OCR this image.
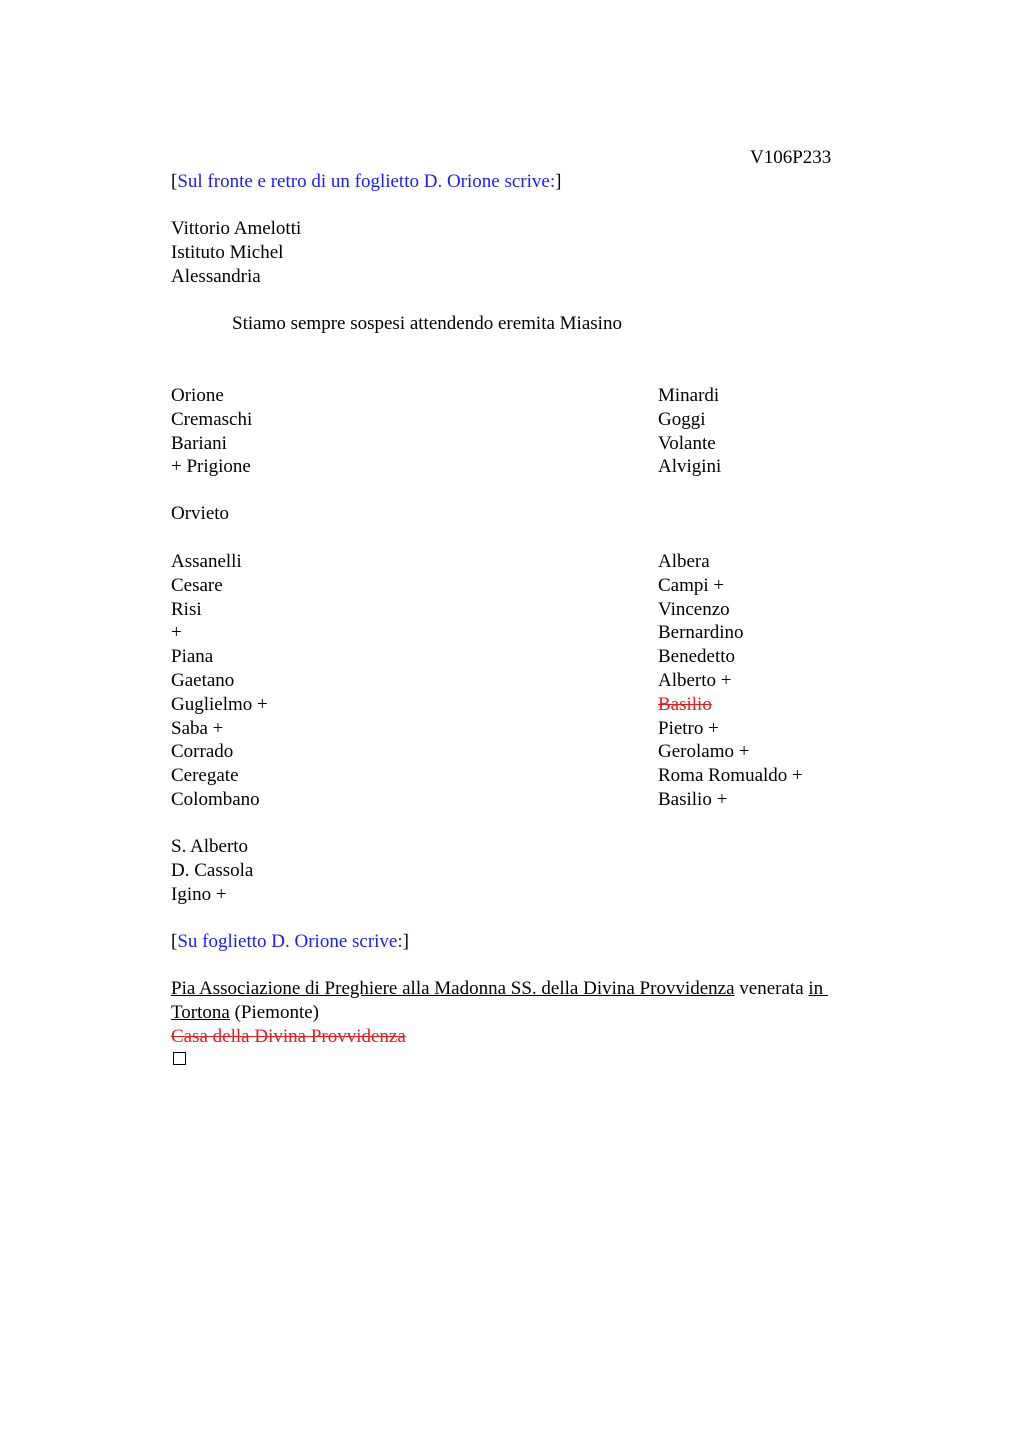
V106P233
[Sul fronte e retro di un foglietto D. Orione scrive:]
Vittorio Amelotti
Istituto Michel
Alessandria
Stiamo sempre sospesi attendendo eremita Miasino
Orione
Cremaschi
Bariani
+ Prigione
Minardi
Goggi
Volante
Alvigini
Orvieto
Assanelli
Cesare
Risi
+
Piana
Gaetano
Guglielmo +
Saba +
Corrado
Ceregate
Colombano
Albera
Campi +
Vincenzo
Bernardino
Benedetto
Alberto +
Basilio
Pietro +
Gerolamo +
Roma Romualdo +
Basilio +
S. Alberto
D. Cassola
Igino +
[Su foglietto D. Orione scrive:]
Pia Associazione di Preghiere alla Madonna SS. della Divina Provvidenza venerata in
Tortona (Piemonte)
Casa della Divina Provvidenza
